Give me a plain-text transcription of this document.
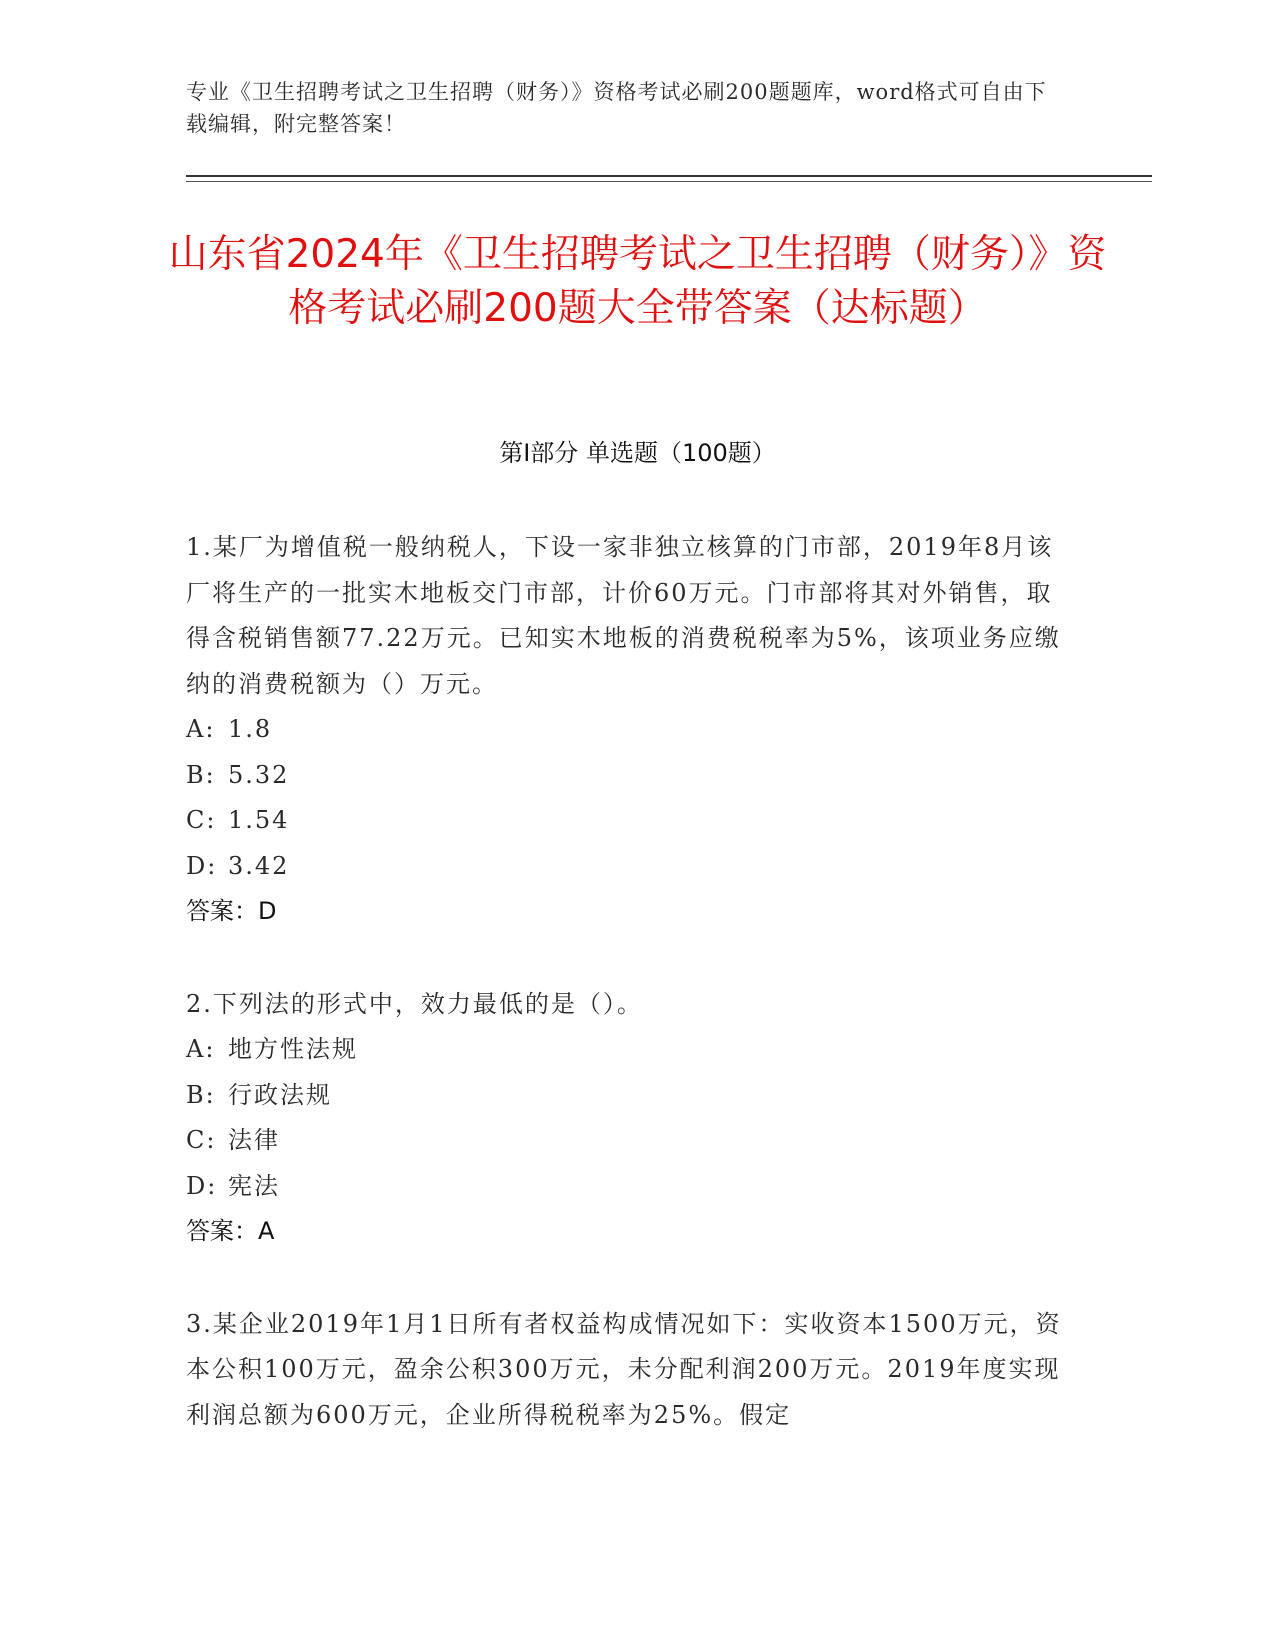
专业《卫生招聘考试之卫生招聘（财务）》资格考试必刷200题题库，word格式可自由下载编辑，附完整答案！
山东省2024年《卫生招聘考试之卫生招聘（财务）》资格考试必刷200题大全带答案（达标题）
第I部分 单选题（100题）

1.某厂为增值税一般纳税人，下设一家非独立核算的门市部，2019年8月该厂将生产的一批实木地板交门市部，计价60万元。门市部将其对外销售，取得含税销售额77.22万元。已知实木地板的消费税税率为5%，该项业务应缴纳的消费税额为（）万元。

A: 1.8

B: 5.32

C: 1.54

D: 3.42

答案：D

2.下列法的形式中，效力最低的是（）。

A: 地方性法规

B: 行政法规

C: 法律

D: 宪法

答案：A

3.某企业2019年1月1日所有者权益构成情况如下：实收资本1500万元，资本公积100万元，盈余公积300万元，未分配利润200万元。2019年度实现利润总额为600万元，企业所得税税率为25%。假定
